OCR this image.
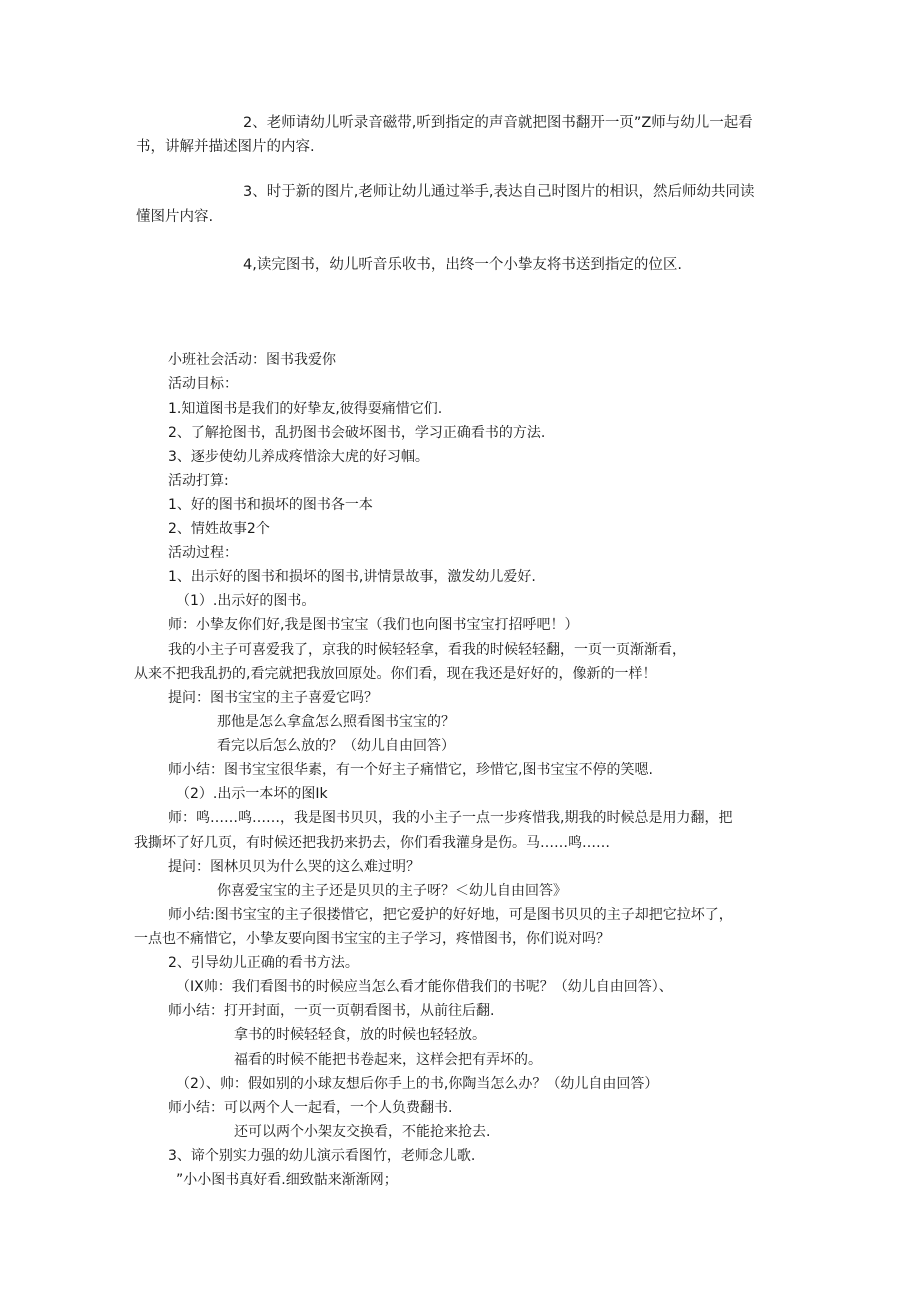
2、老师请幼儿听录音磁带,听到指定的声音就把图书翻开一页”Z师与幼儿一起看
书，讲解并描述图片的内容.
3、时于新的图片,老师让幼儿通过举手,表达自己时图片的相识，然后师幼共同读
懂图片内容.
4,读完图书，幼儿听音乐收书，出终一个小挚友将书送到指定的位区.
小班社会活动：图书我爱你
活动目标：
1.知道图书是我们的好挚友,彼得耍痛惜它们.
2、了解抢图书，乱扔图书会破坏图书，学习正确看书的方法.
3、逐步使幼儿养成疼惜涂大虎的好习帼。
活动打算:
1、好的图书和损坏的图书各一本
2、情姓故事2个
活动过程：
1、出示好的图书和损坏的图书,讲情景故事，激发幼儿爱好.
（1）.出示好的图书。
师：小挚友你们好,我是图书宝宝（我们也向图书宝宝打招呼吧！）
我的小主子可喜爱我了，京我的时候轻轻拿，看我的时候轻轻翻，一页一页渐渐看，
从来不把我乱扔的,看完就把我放回原处。你们看，现在我还是好好的，像新的一样！
提问：图书宝宝的主子喜爱它吗？
那他是怎么拿盒怎么照看图书宝宝的？
看完以后怎么放的？（幼儿自由回答）
师小结：图书宝宝很华素，有一个好主子痛惜它，珍惜它,图书宝宝不停的笑嗯.
（2）.出示一本坏的图Ik
师：鸣……鸣……，我是图书贝贝，我的小主子一点一步疼惜我,期我的时候总是用力翻，把
我撕坏了好几页，有时候还把我扔来扔去，你们看我灌身是伤。马……鸣……
提问：图林贝贝为什么哭的这么难过明？
你喜爱宝宝的主子还是贝贝的主子呀？＜幼儿自由回答》
师小结:图书宝宝的主子很搂惜它，把它爱护的好好地，可是图书贝贝的主子却把它拉坏了，
一点也不痛惜它，小挚友要向图书宝宝的主子学习，疼惜图书，你们说对吗？
2、引导幼儿正确的看书方法。
（IX帅：我们看图书的时候应当怎么看才能你借我们的书呢？（幼儿自由回答）、
师小结：打开封面，一页一页朝看图书，从前往后翻.
拿书的时候轻轻食，放的时候也轻轻放。
福看的时候不能把书卷起来，这样会把有弄坏的。
（2）、帅：假如别的小球友想后你手上的书,你陶当怎么办？（幼儿自由回答）
师小结：可以两个人一起看，一个人负费翻书.
还可以两个小架友交换看，不能抢来抢去.
3、谛个别实力强的幼儿演示看图竹，老师念儿歌.
”小小图书真好看.细致骷来渐渐网；
